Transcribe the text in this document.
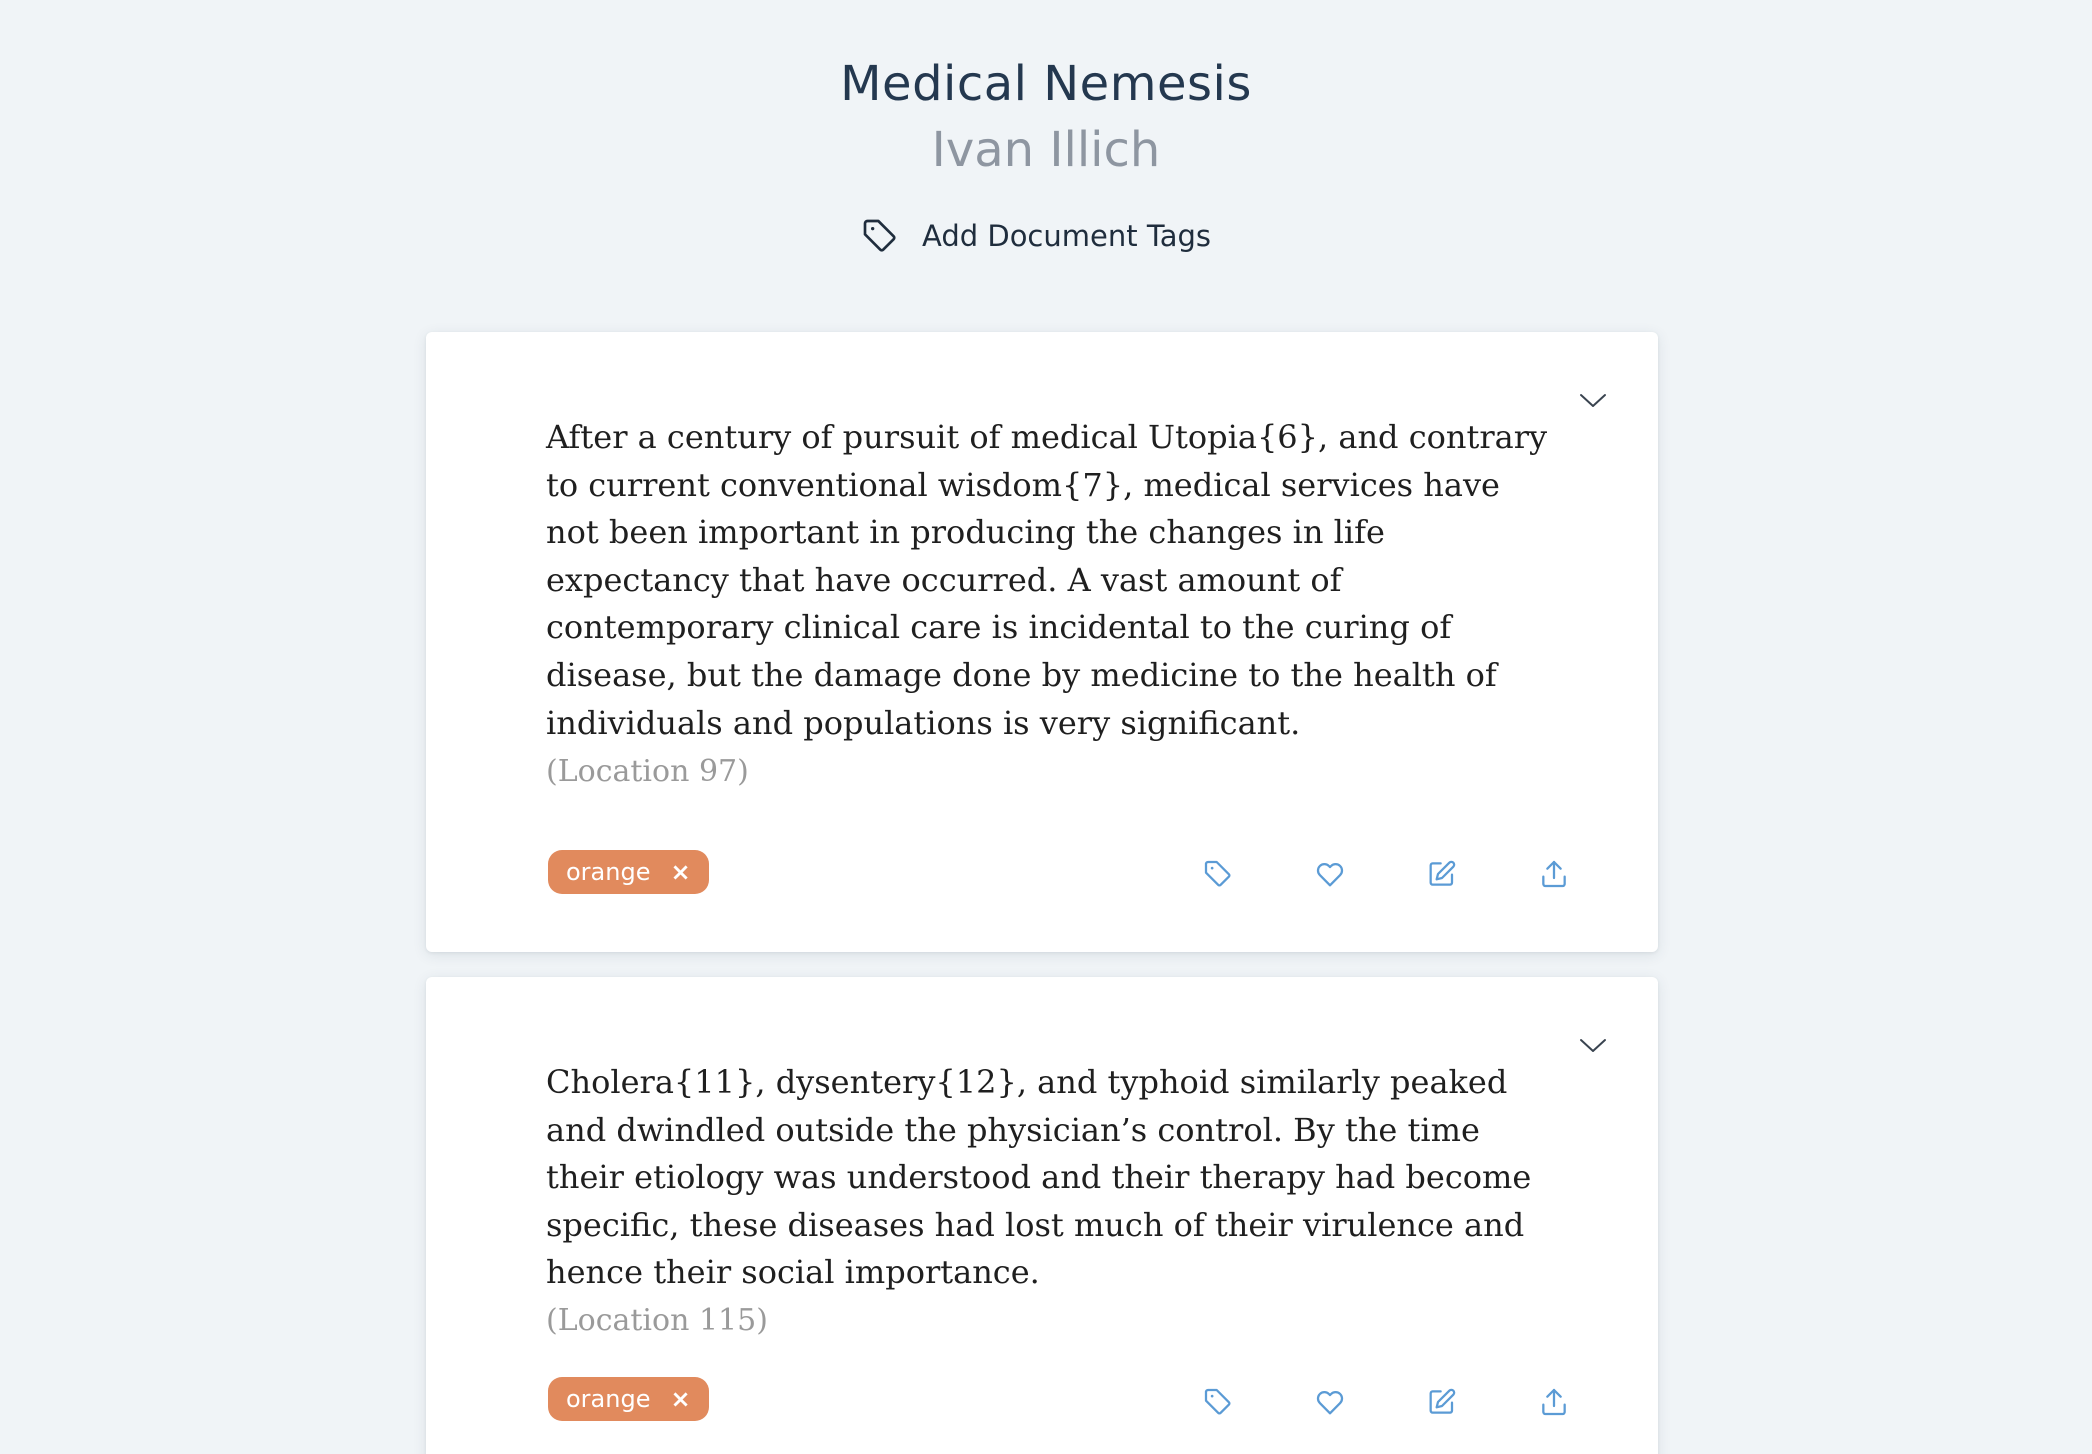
Medical Nemesis
Ivan Illich
Add Document Tags

After a century of pursuit of medical Utopia{6}, and contrary to current conventional wisdom{7}, medical services have not been important in producing the changes in life expectancy that have occurred. A vast amount of contemporary clinical care is incidental to the curing of disease, but the damage done by medicine to the health of individuals and populations is very significant.

(Location 97)
orange ×

Cholera{11}, dysentery{12}, and typhoid similarly peaked and dwindled outside the physician’s control. By the time their etiology was understood and their therapy had become specific, these diseases had lost much of their virulence and hence their social importance.

(Location 115)
orange ×
